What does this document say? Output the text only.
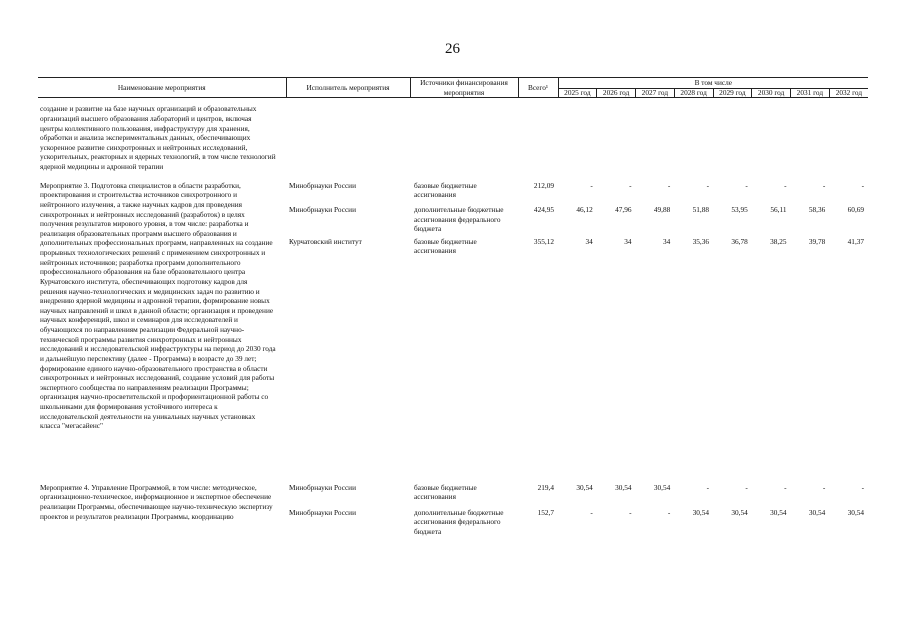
26
Наименование мероприятия	Исполнитель мероприятия	Источники финансирования мероприятия	Всего¹	В том числе							
				2025 год	2026 год	2027 год	2028 год	2029 год	2030 год	2031 год	2032 год

создание и развитие на базе научных организаций и образовательных организаций высшего образования лабораторий и центров, включая центры коллективного пользования, инфраструктуру для хранения, обработки и анализа экспериментальных данных, обеспечивающих ускоренное развитие синхротронных и нейтронных исследований, ускорительных, реакторных и ядерных технологий, в том числе технологий ядерной медицины и адронной терапии											

Мероприятие 3. Подготовка специалистов в области разработки, проектирования и строительства источников синхротронного и нейтронного излучения, а также научных кадров для проведения синхротронных и нейтронных исследований (разработок) в целях получения результатов мирового уровня, в том числе: разработка и реализация образовательных программ высшего образования и дополнительных профессиональных программ, направленных на создание прорывных технологических решений с применением синхротронных и нейтронных источников; разработка программ дополнительного профессионального образования на базе образовательного центра Курчатовского института, обеспечивающих подготовку кадров для решения научно-технологических и медицинских задач по развитию и внедрению ядерной медицины и адронной терапии, формирование новых научных направлений и школ в данной области; организация и проведение научных конференций, школ и семинаров для исследователей и обучающихся по направлениям реализации Федеральной научно-технической программы развития синхротронных и нейтронных исследований и исследовательской инфраструктуры на период до 2030 года и дальнейшую перспективу (далее - Программа) в возрасте до 39 лет; формирование единого научно-образовательного пространства в области синхротронных и нейтронных исследований, создание условий для работы экспертного сообщества по направлениям реализации Программы; организация научно-просветительской и профориентационной работы со школьниками для формирования устойчивого интереса к исследовательской деятельности на уникальных научных установках класса "мегасайенс"	Минобрнауки России	базовые бюджетные ассигнования	212,09	-	-	-	-	-	-	-	-
	Минобрнауки России	дополнительные бюджетные ассигнования федерального бюджета	424,95	46,12	47,96	49,88	51,88	53,95	56,11	58,36	60,69
	Курчатовский институт	базовые бюджетные ассигнования	355,12	34	34	34	35,36	36,78	38,25	39,78	41,37

Мероприятие 4. Управление Программой, в том числе: методическое, организационно-техническое, информационное и экспертное обеспечение реализации Программы, обеспечивающее научно-техническую экспертизу проектов и результатов реализации Программы, координацию	Минобрнауки России	базовые бюджетные ассигнования	219,4	30,54	30,54	30,54	-	-	-	-	-
	Минобрнауки России	дополнительные бюджетные ассигнования федерального бюджета	152,7	-	-	-	30,54	30,54	30,54	30,54	30,54
